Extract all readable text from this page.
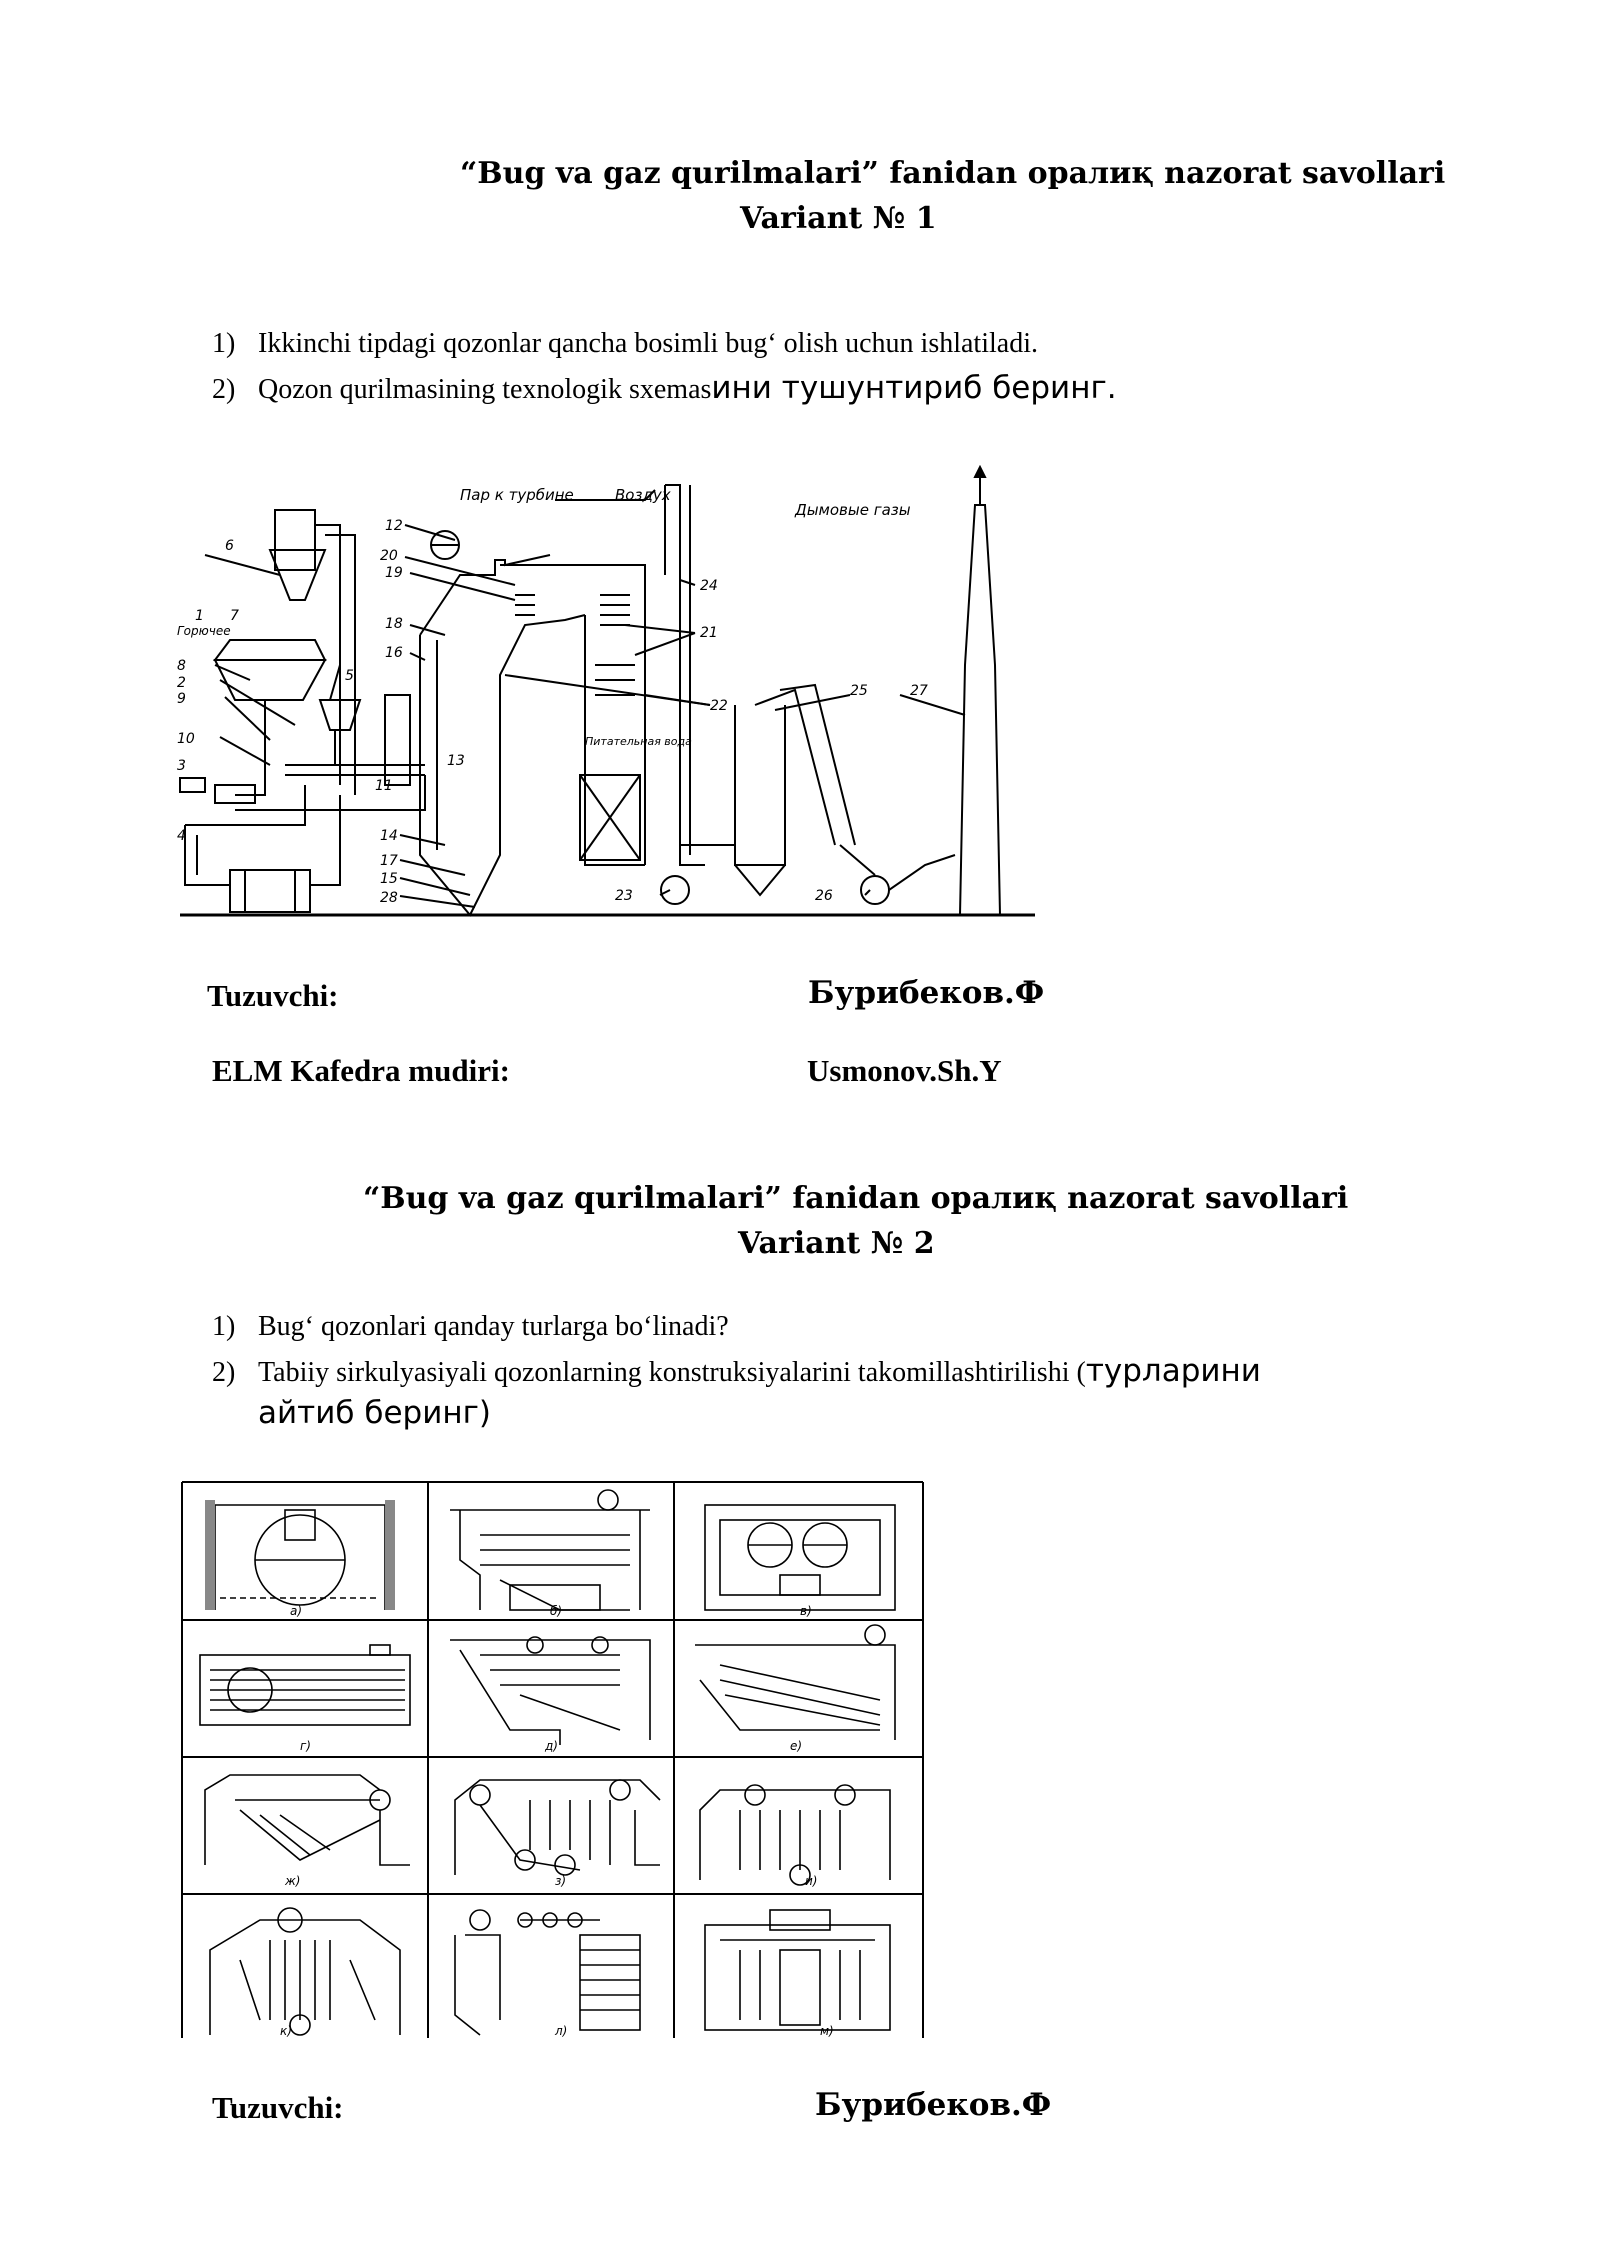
“Bug va gaz qurilmalari” fanidan оралиқ nazorat savollari
Variant № 1
1) Ikkinchi tipdagi qozonlar qancha bosimli bug‘ olish uchun ishlatiladi.
2) Qozon qurilmasining texnologik sxemasини тушунтириб беринг.
Пар к турбине	Воздух
Дымовые газы
Горючее
Питательная вода
1
2
3
4
5
6
7
8
9
10
11
12
13
14
15
16
17
18
19
20
21
22
23
24
25
26
27
28
Tuzuvchi:	Бурибеков.Ф
ELM Kafedra mudiri:	Usmonov.Sh.Y
“Bug va gaz qurilmalari” fanidan оралиқ nazorat savollari
Variant № 2
1) Bug‘ qozonlari qanday turlarga bo‘linadi?
2) Tabiiy sirkulyasiyali qozonlarning konstruksiyalarini takomillashtirilishi (турларини
айтиб беринг)
а)	б)	в)
г)	д)	е)
ж)	з)	и)
к)	л)	м)
Tuzuvchi:	Бурибеков.Ф
